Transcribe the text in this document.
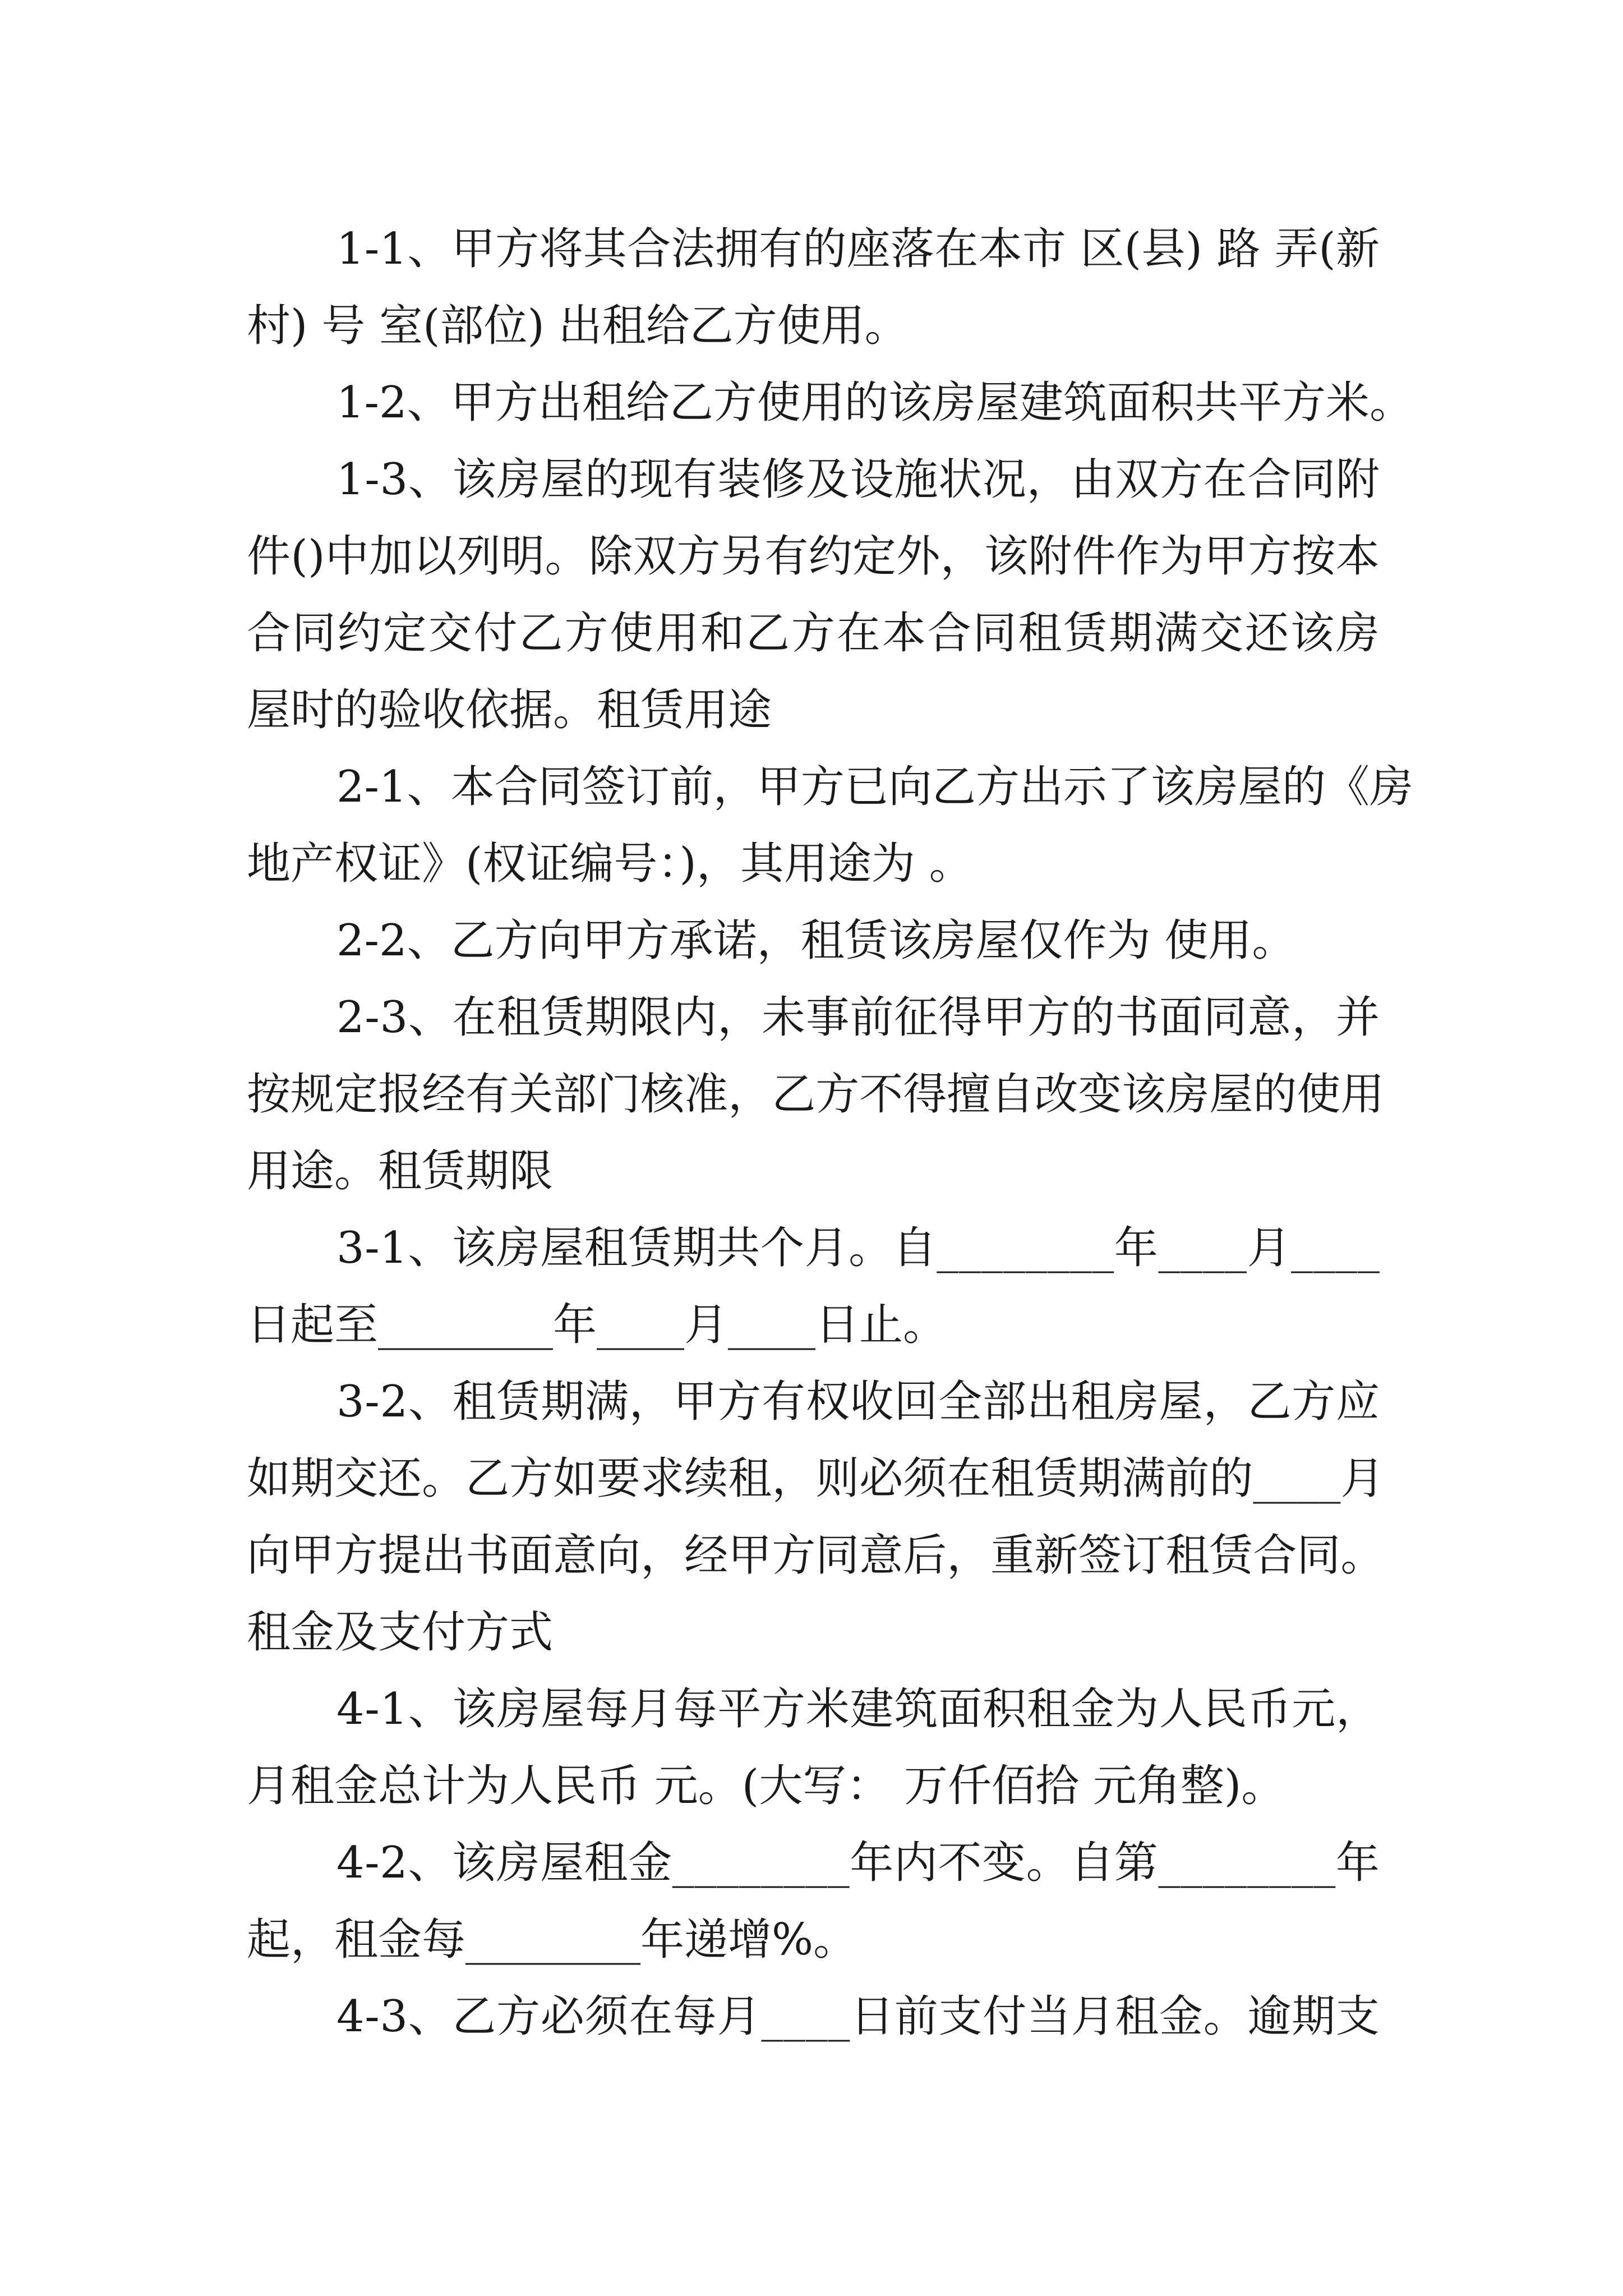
1 - 1 、 甲 方 将 其 合 法 拥 有 的 座 落 在 本 市
区 ( 县 )
路
弄 ( 新
村) 号 室(部位) 出租给乙方使用。
1 - 2 、 甲 方 出 租 给 乙 方 使 用 的 该 房 屋 建 筑 面 积 共 平 方 米 。
1 - 3 、 该 房 屋 的 现 有 装 修 及 设 施 状 况 ， 由 双 方 在 合 同 附
件 ( ) 中 加 以 列 明 。 除 双 方 另 有 约 定 外 ， 该 附 件 作 为 甲 方 按 本
合 同 约 定 交 付 乙 方 使 用 和 乙 方 在 本 合 同 租 赁 期 满 交 还 该 房
屋时的验收依据。租赁用途
2 - 1 、 本 合 同 签 订 前 ， 甲 方 已 向 乙 方 出 示 了 该 房 屋 的 《 房
地产权证》(权证编号：)，其用途为 。
2-2、乙方向甲方承诺，租赁该房屋仅作为 使用。
2 - 3 、 在 租 赁 期 限 内 ， 未 事 前 征 得 甲 方 的 书 面 同 意 ， 并
按 规 定 报 经 有 关 部 门 核 准 ， 乙 方 不 得 擅 自 改 变 该 房 屋 的 使 用
用途。租赁期限
3 - 1 、 该 房 屋 租 赁 期 共 个 月 。 自 _ _ _ _ _ _ _ _ 年 _ _ _ _ 月 _ _ _ _
日起至________年____月____日止。
3 - 2 、 租 赁 期 满 ， 甲 方 有 权 收 回 全 部 出 租 房 屋 ， 乙 方 应
如 期 交 还 。 乙 方 如 要 求 续 租 ， 则 必 须 在 租 赁 期 满 前 的 _ _ _ _ 月
向 甲 方 提 出 书 面 意 向 ， 经 甲 方 同 意 后 ， 重 新 签 订 租 赁 合 同 。
租金及支付方式
4 - 1 、 该 房 屋 每 月 每 平 方 米 建 筑 面 积 租 金 为 人 民 币 元 ，
月租金总计为人民币 元。(大写： 万仟佰拾 元角整)。
4 - 2 、 该 房 屋 租 金 _ _ _ _ _ _ _ _ 年 内 不 变 。 自 第 _ _ _ _ _ _ _ _ 年
起，租金每________年递增%。
4 - 3 、 乙 方 必 须 在 每 月 _ _ _ _ 日 前 支 付 当 月 租 金 。 逾 期 支
